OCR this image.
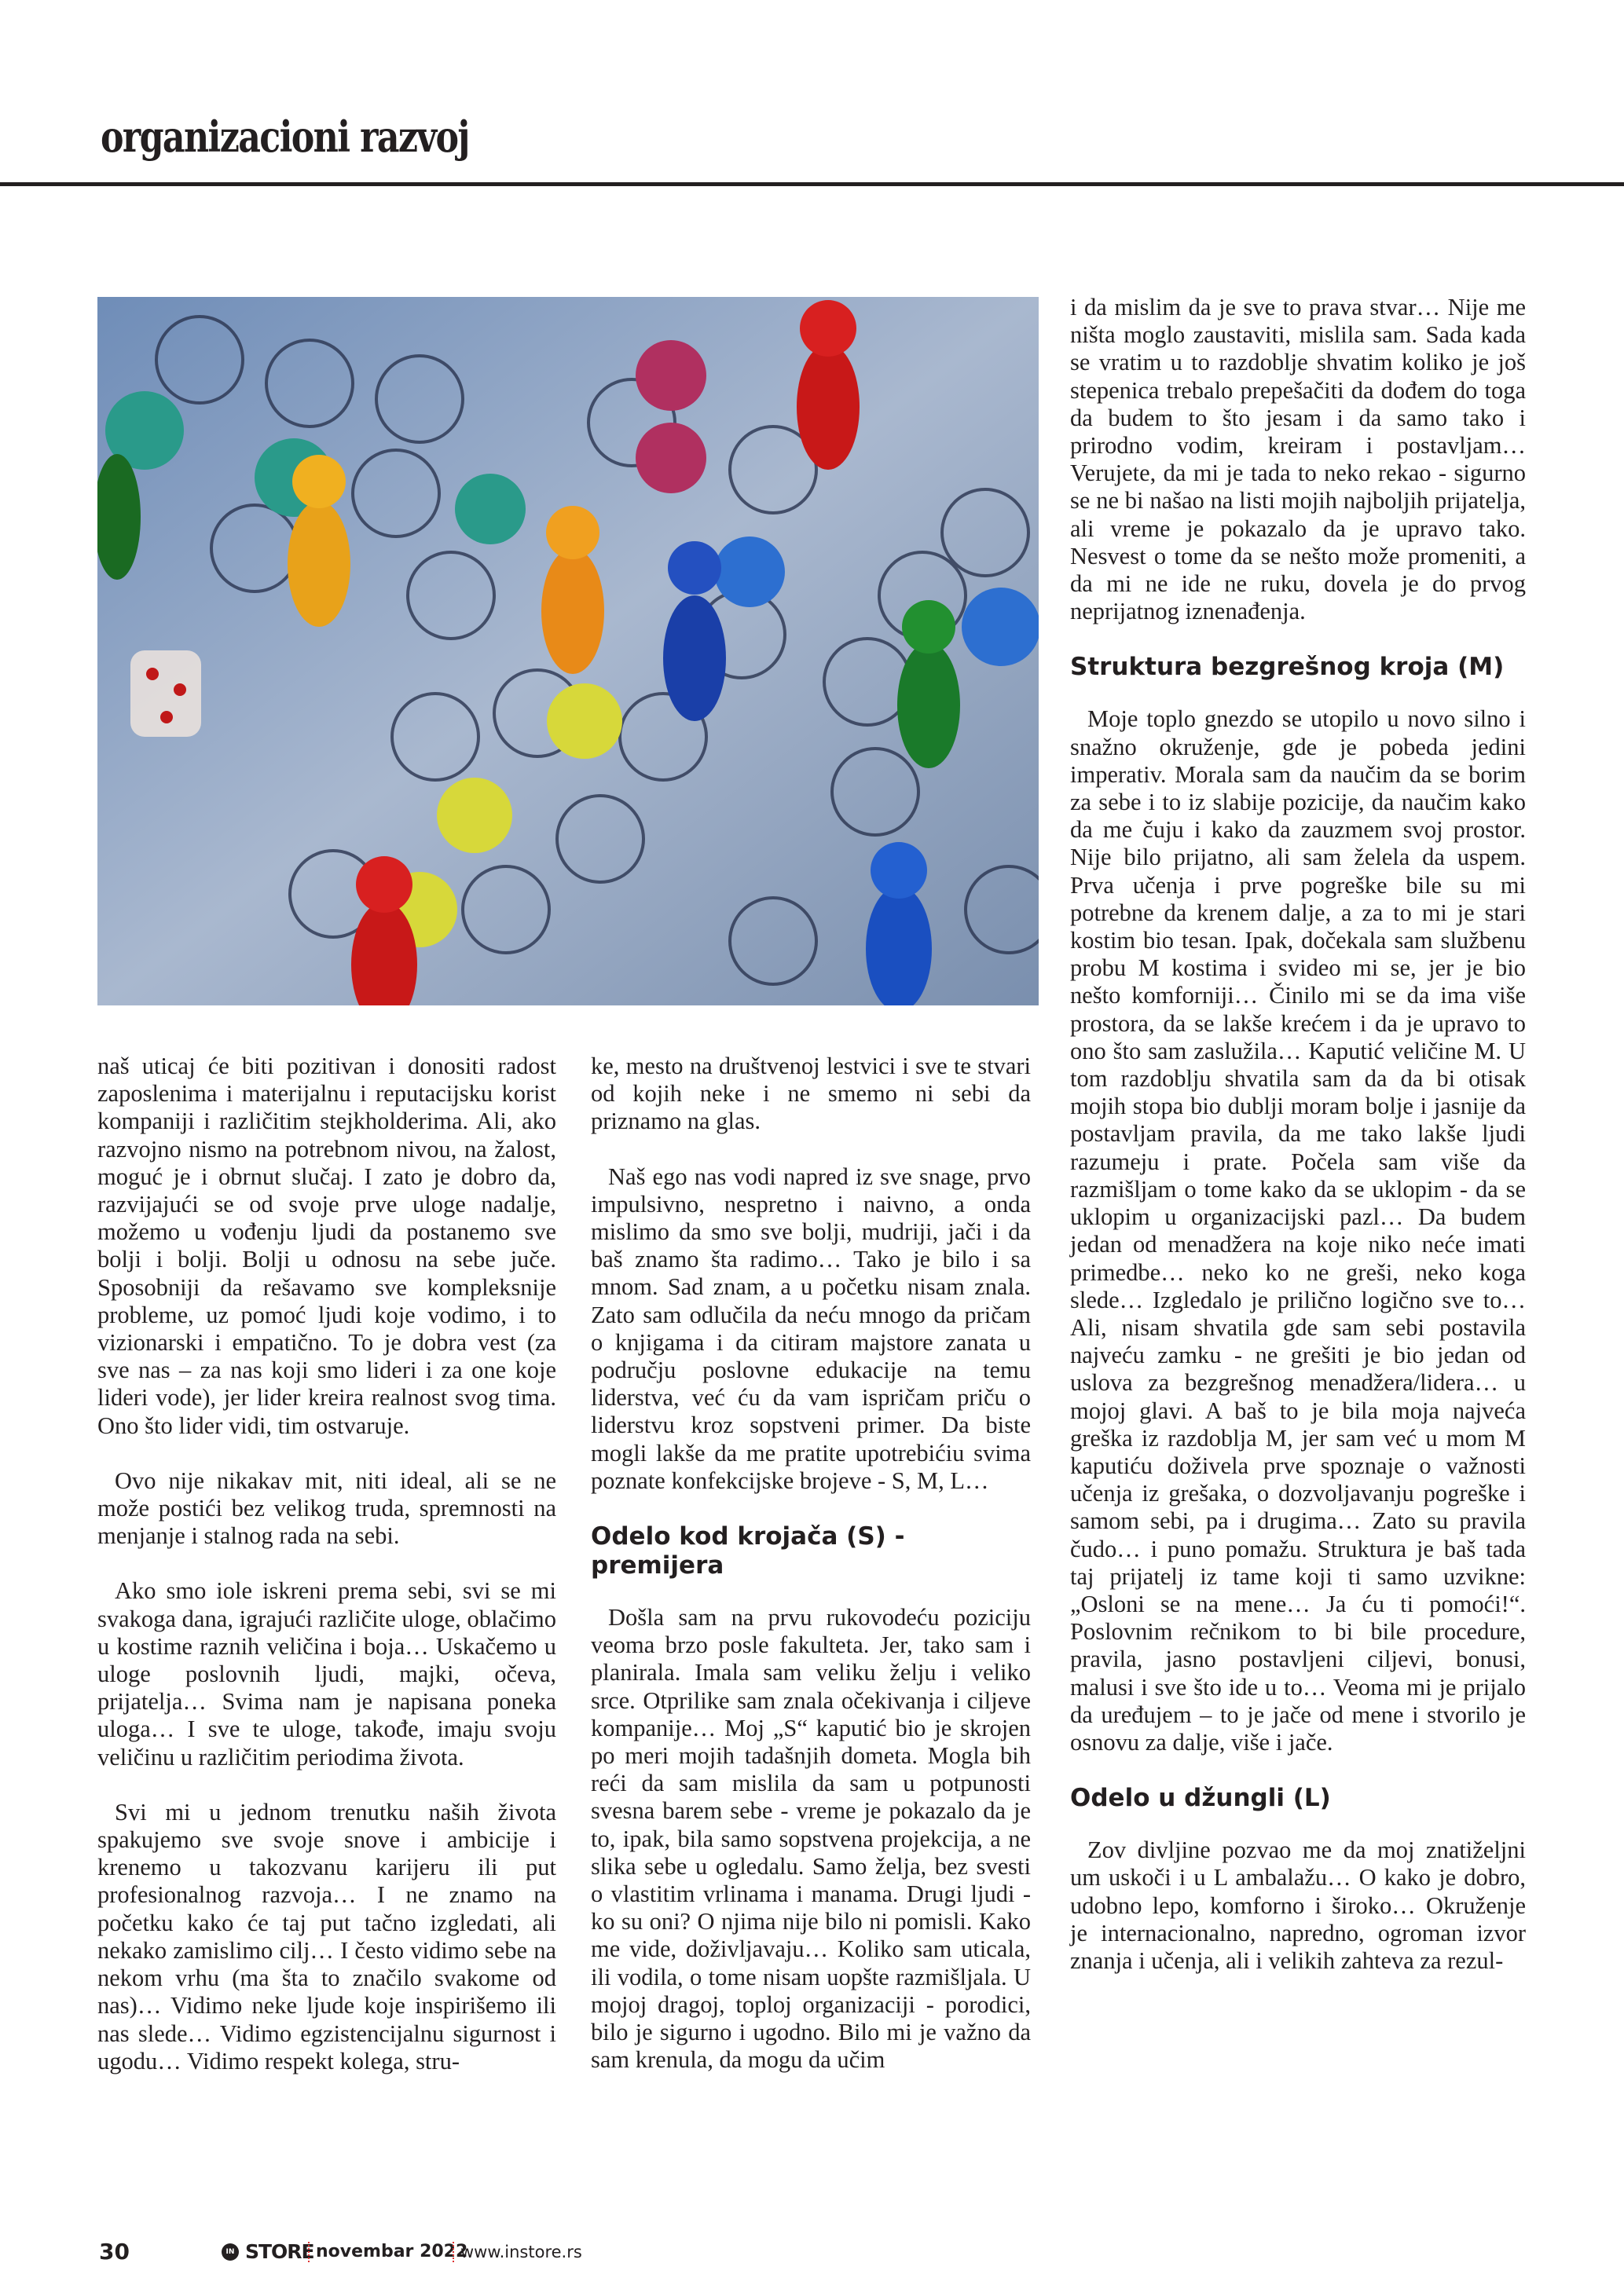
organizacioni razvoj

naš uticaj će biti pozitivan i donositi radost zaposlenima i materijalnu i reputacijsku korist kompaniji i različitim stejkholderima. Ali, ako razvojno nismo na potrebnom nivou, na žalost, moguć je i obrnut slučaj. I zato je dobro da, razvijajući se od svoje prve uloge nadalje, možemo u vođenju ljudi da postanemo sve bolji i bolji. Bolji u odnosu na sebe juče. Sposobniji da rešavamo sve kompleksnije probleme, uz pomoć ljudi koje vodimo, i to vizionarski i empatično. To je dobra vest (za sve nas – za nas koji smo lideri i za one koje lideri vode), jer lider kreira realnost svog tima. Ono što lider vidi, tim ostvaruje.

Ovo nije nikakav mit, niti ideal, ali se ne može postići bez velikog truda, spremnosti na menjanje i stalnog rada na sebi.

Ako smo iole iskreni prema sebi, svi se mi svakoga dana, igrajući različite uloge, oblačimo u kostime raznih veličina i boja… Uskačemo u uloge poslovnih ljudi, majki, očeva, prijatelja… Svima nam je napisana poneka uloga… I sve te uloge, takođe, imaju svoju veličinu u različitim periodima života.

Svi mi u jednom trenutku naših života spakujemo sve svoje snove i ambicije i krenemo u takozvanu karijeru ili put profesionalnog razvoja… I ne znamo na početku kako će taj put tačno izgledati, ali nekako zamislimo cilj… I često vidimo sebe na nekom vrhu (ma šta to značilo svakome od nas)… Vidimo neke ljude koje inspirišemo ili nas slede… Vidimo egzistencijalnu sigurnost i ugodu… Vidimo respekt kolega, stru-

ke, mesto na društvenoj lestvici i sve te stvari od kojih neke i ne smemo ni sebi da priznamo na glas.

Naš ego nas vodi napred iz sve snage, prvo impulsivno, nespretno i naivno, a onda mislimo da smo sve bolji, mudriji, jači i da baš znamo šta radimo… Tako je bilo i sa mnom. Sad znam, a u početku nisam znala. Zato sam odlučila da neću mnogo da pričam o knjigama i da citiram majstore zanata u području poslovne edukacije na temu liderstva, već ću da vam ispričam priču o liderstvu kroz sopstveni primer. Da biste mogli lakše da me pratite upotrebićiu svima poznate konfekcijske brojeve - S, M, L…

Odelo kod krojača (S) - premijera

Došla sam na prvu rukovodeću poziciju veoma brzo posle fakulteta. Jer, tako sam i planirala. Imala sam veliku želju i veliko srce. Otprilike sam znala očekivanja i ciljeve kompanije… Moj „S“ kaputić bio je skrojen po meri mojih tadašnjih dometa. Mogla bih reći da sam mislila da sam u potpunosti svesna barem sebe - vreme je pokazalo da je to, ipak, bila samo sopstvena projekcija, a ne slika sebe u ogledalu. Samo želja, bez svesti o vlastitim vrlinama i manama. Drugi ljudi - ko su oni? O njima nije bilo ni pomisli. Kako me vide, doživljavaju… Koliko sam uticala, ili vodila, o tome nisam uopšte razmišljala. U mojoj dragoj, toploj organizaciji - porodici, bilo je sigurno i ugodno. Bilo mi je važno da sam krenula, da mogu da učim

i da mislim da je sve to prava stvar… Nije me ništa moglo zaustaviti, mislila sam. Sada kada se vratim u to razdoblje shvatim koliko je još stepenica trebalo prepešačiti da dođem do toga da budem to što jesam i da samo tako i prirodno vodim, kreiram i postavljam… Verujete, da mi je tada to neko rekao - sigurno se ne bi našao na listi mojih najboljih prijatelja, ali vreme je pokazalo da je upravo tako. Nesvest o tome da se nešto može promeniti, a da mi ne ide ne ruku, dovela je do prvog neprijatnog iznenađenja.

Struktura bezgrešnog kroja (M)

Moje toplo gnezdo se utopilo u novo silno i snažno okruženje, gde je pobeda jedini imperativ. Morala sam da naučim da se borim za sebe i to iz slabije pozicije, da naučim kako da me čuju i kako da zauzmem svoj prostor. Nije bilo prijatno, ali sam želela da uspem. Prva učenja i prve pogreške bile su mi potrebne da krenem dalje, a za to mi je stari kostim bio tesan. Ipak, dočekala sam službenu probu M kostima i svideo mi se, jer je bio nešto komforniji… Činilo mi se da ima više prostora, da se lakše krećem i da je upravo to ono što sam zaslužila… Kaputić veličine M. U tom razdoblju shvatila sam da da bi otisak mojih stopa bio dublji moram bolje i jasnije da postavljam pravila, da me tako lakše ljudi razumeju i prate. Počela sam više da razmišljam o tome kako da se uklopim - da se uklopim u organizacijski pazl… Da budem jedan od menadžera na koje niko neće imati primedbe… neko ko ne greši, neko koga slede… Izgledalo je prilično logično sve to… Ali, nisam shvatila gde sam sebi postavila najveću zamku - ne grešiti je bio jedan od uslova za bezgrešnog menadžera/lidera… u mojoj glavi. A baš to je bila moja najveća greška iz razdoblja M, jer sam već u mom M kaputiću doživela prve spoznaje o važnosti učenja iz grešaka, o dozvoljavanju pogreške i samom sebi, pa i drugima… Zato su pravila čudo… i puno pomažu. Struktura je baš tada taj prijatelj iz tame koji ti samo uzvikne: „Osloni se na mene… Ja ću ti pomoći!“. Poslovnim rečnikom to bi bile procedure, pravila, jasno postavljeni ciljevi, bonusi, malusi i sve što ide u to… Veoma mi je prijalo da uređujem – to je jače od mene i stvorilo je osnovu za dalje, više i jače.

Odelo u džungli (L)

Zov divljine pozvao me da moj znatiželjni um uskoči i u L ambalažu… O kako je dobro, udobno lepo, komforno i široko… Okruženje je internacionalno, napredno, ogroman izvor znanja i učenja, ali i velikih zahteva za rezul-

30	IN STORE novembar 2022
www.instore.rs
